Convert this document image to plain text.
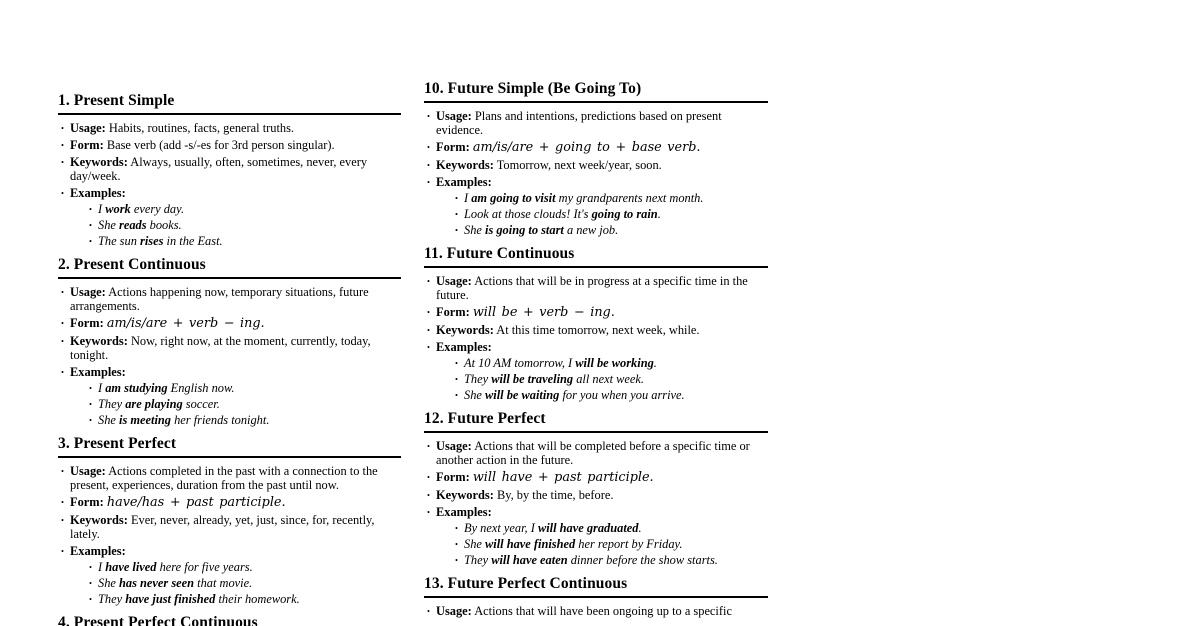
1. Present Simple
• Usage: Habits, routines, facts, general truths.
• Form: Base verb (add -s/-es for 3rd person singular).
• Keywords: Always, usually, often, sometimes, never, every day/week.
• Examples:
• I work every day.
• She reads books.
• The sun rises in the East.
2. Present Continuous
• Usage: Actions happening now, temporary situations, future arrangements.
• Form: am/is/are + verb − ing.
• Keywords: Now, right now, at the moment, currently, today, tonight.
• Examples:
• I am studying English now.
• They are playing soccer.
• She is meeting her friends tonight.
3. Present Perfect
• Usage: Actions completed in the past with a connection to the present, experiences, duration from the past until now.
• Form: have/has + past participle.
• Keywords: Ever, never, already, yet, just, since, for, recently, lately.
• Examples:
• I have lived here for five years.
• She has never seen that movie.
• They have just finished their homework.
4. Present Perfect Continuous
10. Future Simple (Be Going To)
• Usage: Plans and intentions, predictions based on present evidence.
• Form: am/is/are + going to + base verb.
• Keywords: Tomorrow, next week/year, soon.
• Examples:
• I am going to visit my grandparents next month.
• Look at those clouds! It's going to rain.
• She is going to start a new job.
11. Future Continuous
• Usage: Actions that will be in progress at a specific time in the future.
• Form: will be + verb − ing.
• Keywords: At this time tomorrow, next week, while.
• Examples:
• At 10 AM tomorrow, I will be working.
• They will be traveling all next week.
• She will be waiting for you when you arrive.
12. Future Perfect
• Usage: Actions that will be completed before a specific time or another action in the future.
• Form: will have + past participle.
• Keywords: By, by the time, before.
• Examples:
• By next year, I will have graduated.
• She will have finished her report by Friday.
• They will have eaten dinner before the show starts.
13. Future Perfect Continuous
• Usage: Actions that will have been ongoing up to a specific
